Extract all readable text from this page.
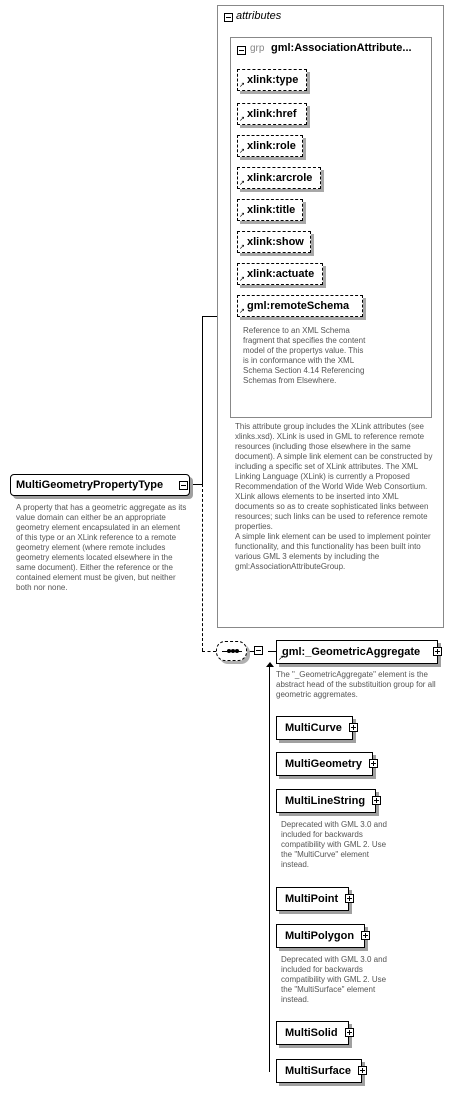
MultiGeometryPropertyType
A property that has a geometric aggregate as its value domain can either be an appropriate geometry element encapsulated in an element of this type or an XLink reference to a remote geometry element (where remote includes geometry elements located elsewhere in the same document). Either the reference or the contained element must be given, but neither both nor none.
attributes
grp gml:AssociationAttribute...
xlink:type
↗
xlink:href
↗
xlink:role
↗
xlink:arcrole
↗
xlink:title
↗
xlink:show
↗
xlink:actuate
↗
gml:remoteSchema
↗
Reference to an XML Schema fragment that specifies the content model of the propertys value. This is in conformance with the XML Schema Section 4.14 Referencing Schemas from Elsewhere.
This attribute group includes the XLink attributes (see xlinks.xsd). XLink is used in GML to reference remote resources (including those elsewhere in the same document). A simple link element can be constructed by including a specific set of XLink attributes. The XML Linking Language (XLink) is currently a Proposed Recommendation of the World Wide Web Consortium. XLink allows elements to be inserted into XML documents so as to create sophisticated links between resources; such links can be used to reference remote properties.
A simple link element can be used to implement pointer functionality, and this functionality has been built into various GML 3 elements by including the gml:AssociationAttributeGroup.
gml:_GeometricAggregate
↗
The "_GeometricAggregate" element is the abstract head of the substituition group for all geometric aggremates.
MultiCurve
MultiGeometry
MultiLineString
Deprecated with GML 3.0 and included for backwards compatibility with GML 2. Use the "MultiCurve" element instead.
MultiPoint
MultiPolygon
Deprecated with GML 3.0 and included for backwards compatibility with GML 2. Use the "MultiSurface" element instead.
MultiSolid
MultiSurface
